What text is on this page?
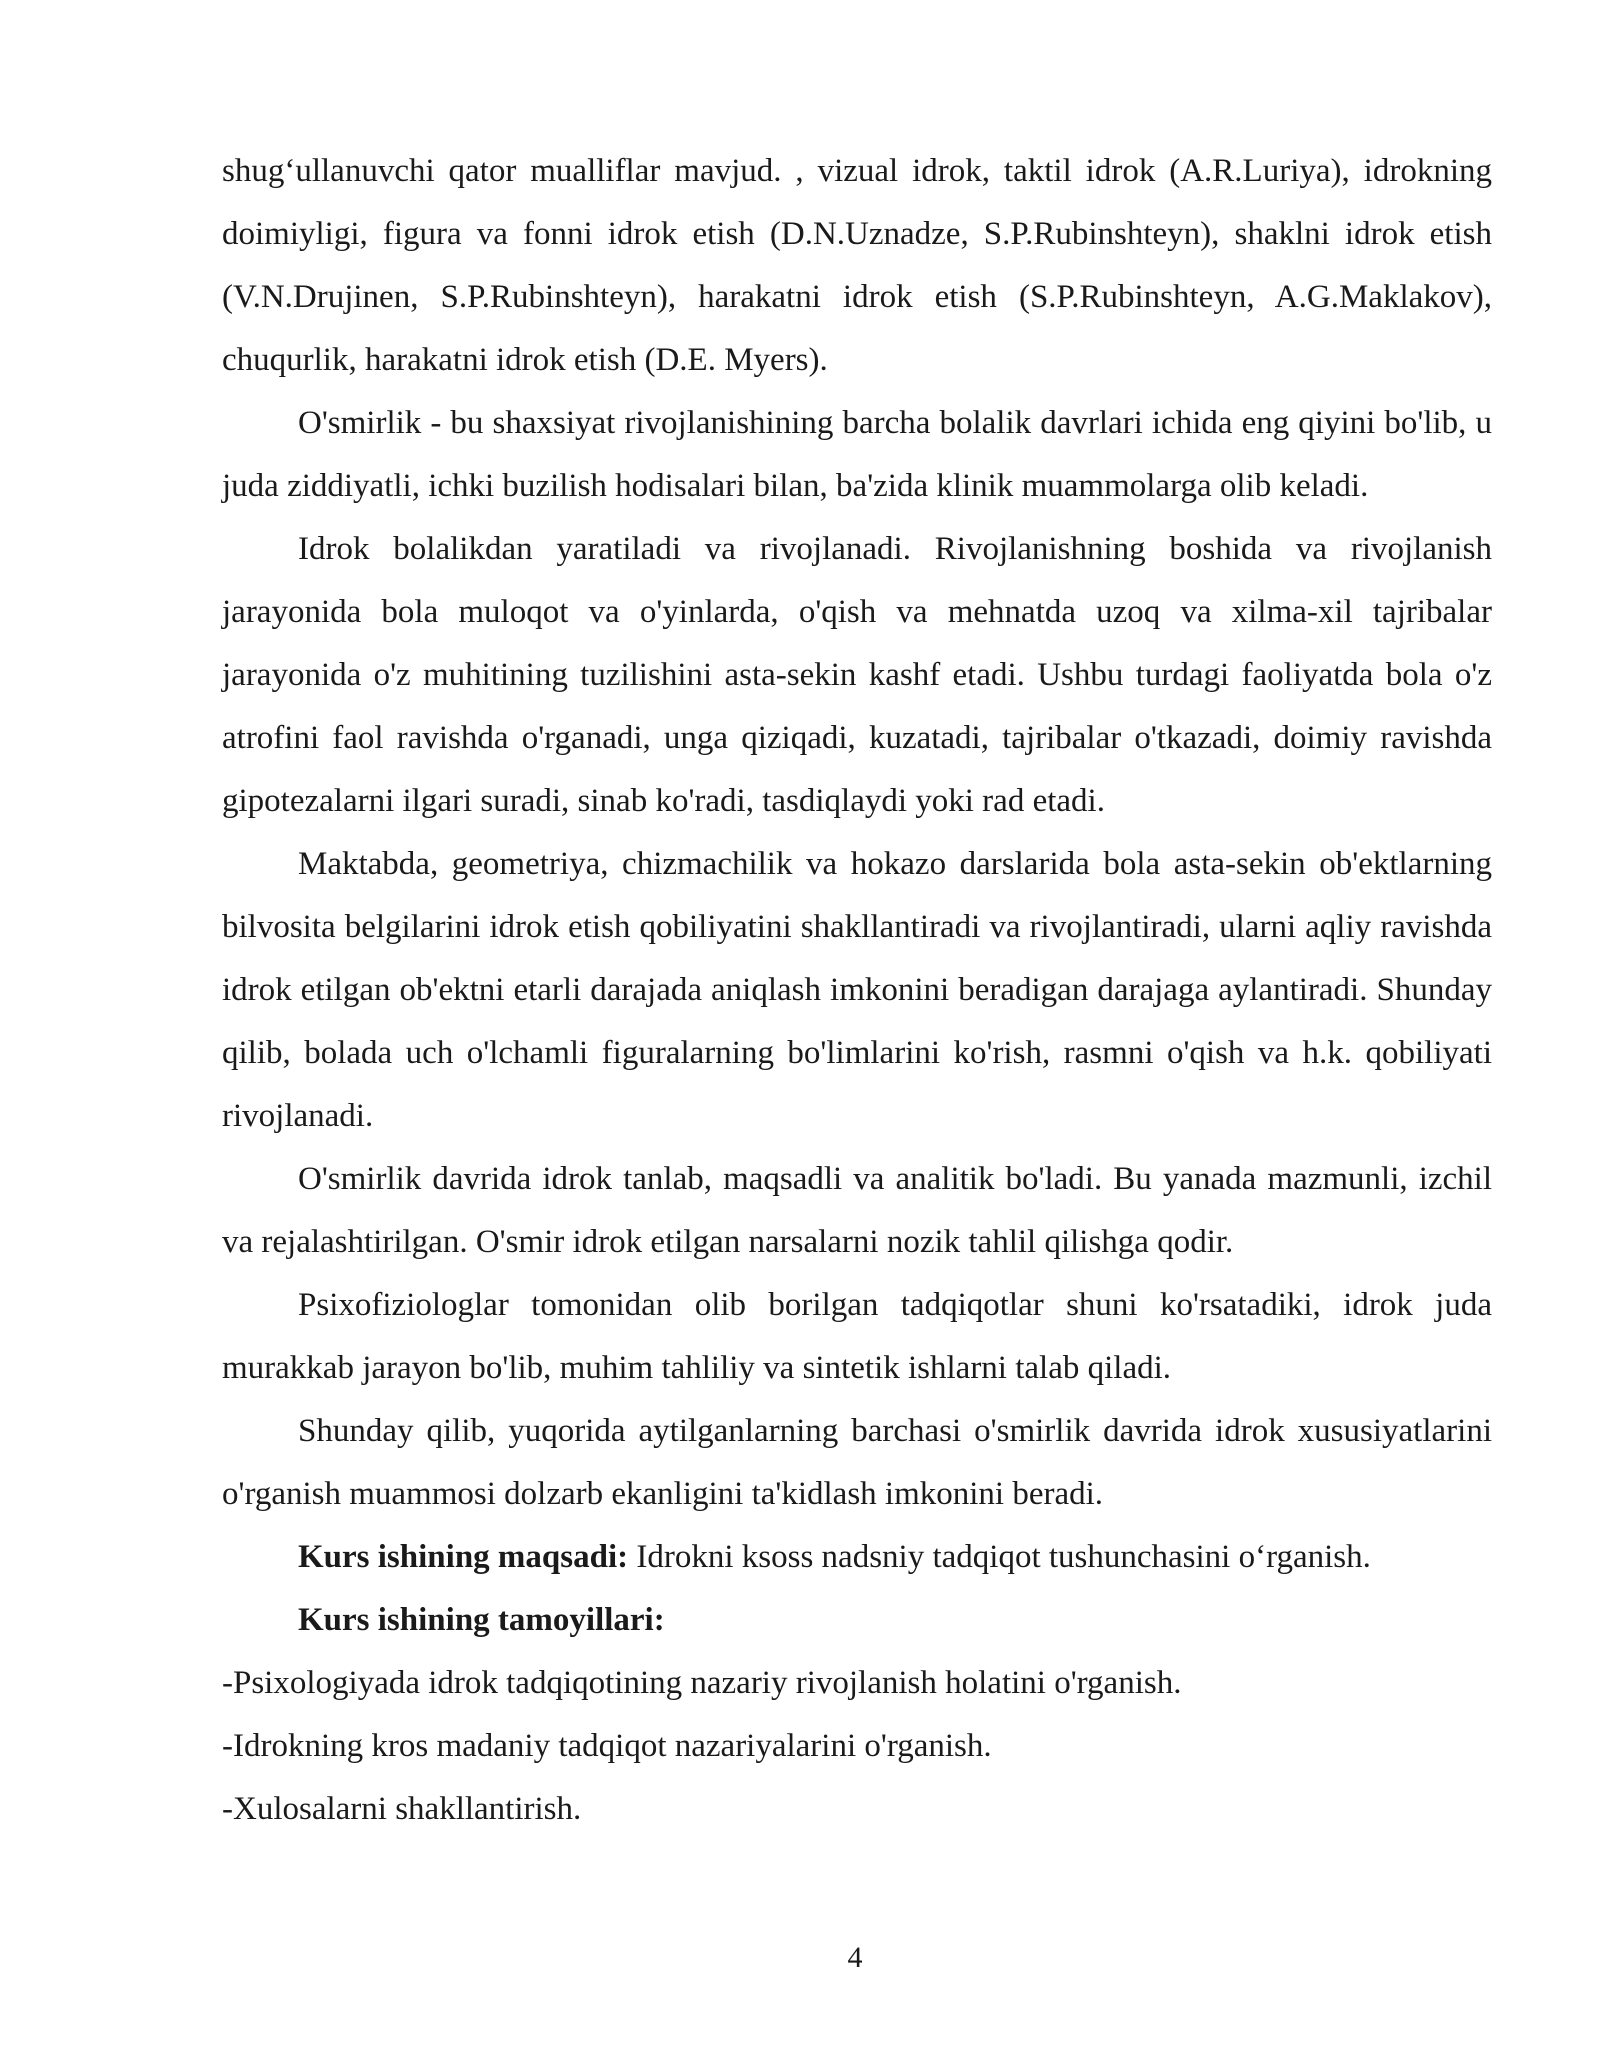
shug‘ullanuvchi qator mualliflar mavjud. , vizual idrok, taktil idrok (A.R.Luriya), idrokning doimiyligi, figura va fonni idrok etish (D.N.Uznadze, S.P.Rubinshteyn), shaklni idrok etish (V.N.Drujinen, S.P.Rubinshteyn), harakatni idrok etish (S.P.Rubinshteyn, A.G.Maklakov), chuqurlik, harakatni idrok etish (D.E. Myers).

O'smirlik - bu shaxsiyat rivojlanishining barcha bolalik davrlari ichida eng qiyini bo'lib, u juda ziddiyatli, ichki buzilish hodisalari bilan, ba'zida klinik muammolarga olib keladi.

Idrok bolalikdan yaratiladi va rivojlanadi. Rivojlanishning boshida va rivojlanish jarayonida bola muloqot va o'yinlarda, o'qish va mehnatda uzoq va xilma-xil tajribalar jarayonida o'z muhitining tuzilishini asta-sekin kashf etadi. Ushbu turdagi faoliyatda bola o'z atrofini faol ravishda o'rganadi, unga qiziqadi, kuzatadi, tajribalar o'tkazadi, doimiy ravishda gipotezalarni ilgari suradi, sinab ko'radi, tasdiqlaydi yoki rad etadi.

Maktabda, geometriya, chizmachilik va hokazo darslarida bola asta-sekin ob'ektlarning bilvosita belgilarini idrok etish qobiliyatini shakllantiradi va rivojlantiradi, ularni aqliy ravishda idrok etilgan ob'ektni etarli darajada aniqlash imkonini beradigan darajaga aylantiradi. Shunday qilib, bolada uch o'lchamli figuralarning bo'limlarini ko'rish, rasmni o'qish va h.k. qobiliyati rivojlanadi.

O'smirlik davrida idrok tanlab, maqsadli va analitik bo'ladi. Bu yanada mazmunli, izchil va rejalashtirilgan. O'smir idrok etilgan narsalarni nozik tahlil qilishga qodir.

Psixofiziologlar tomonidan olib borilgan tadqiqotlar shuni ko'rsatadiki, idrok juda murakkab jarayon bo'lib, muhim tahliliy va sintetik ishlarni talab qiladi.

Shunday qilib, yuqorida aytilganlarning barchasi o'smirlik davrida idrok xususiyatlarini o'rganish muammosi dolzarb ekanligini ta'kidlash imkonini beradi.

Kurs ishining maqsadi: Idrokni ksoss nadsniy tadqiqot tushunchasini o‘rganish.

Kurs ishining tamoyillari:

-Psixologiyada idrok tadqiqotining nazariy rivojlanish holatini o'rganish.

-Idrokning kros madaniy tadqiqot nazariyalarini o'rganish.

-Xulosalarni shakllantirish.

4
